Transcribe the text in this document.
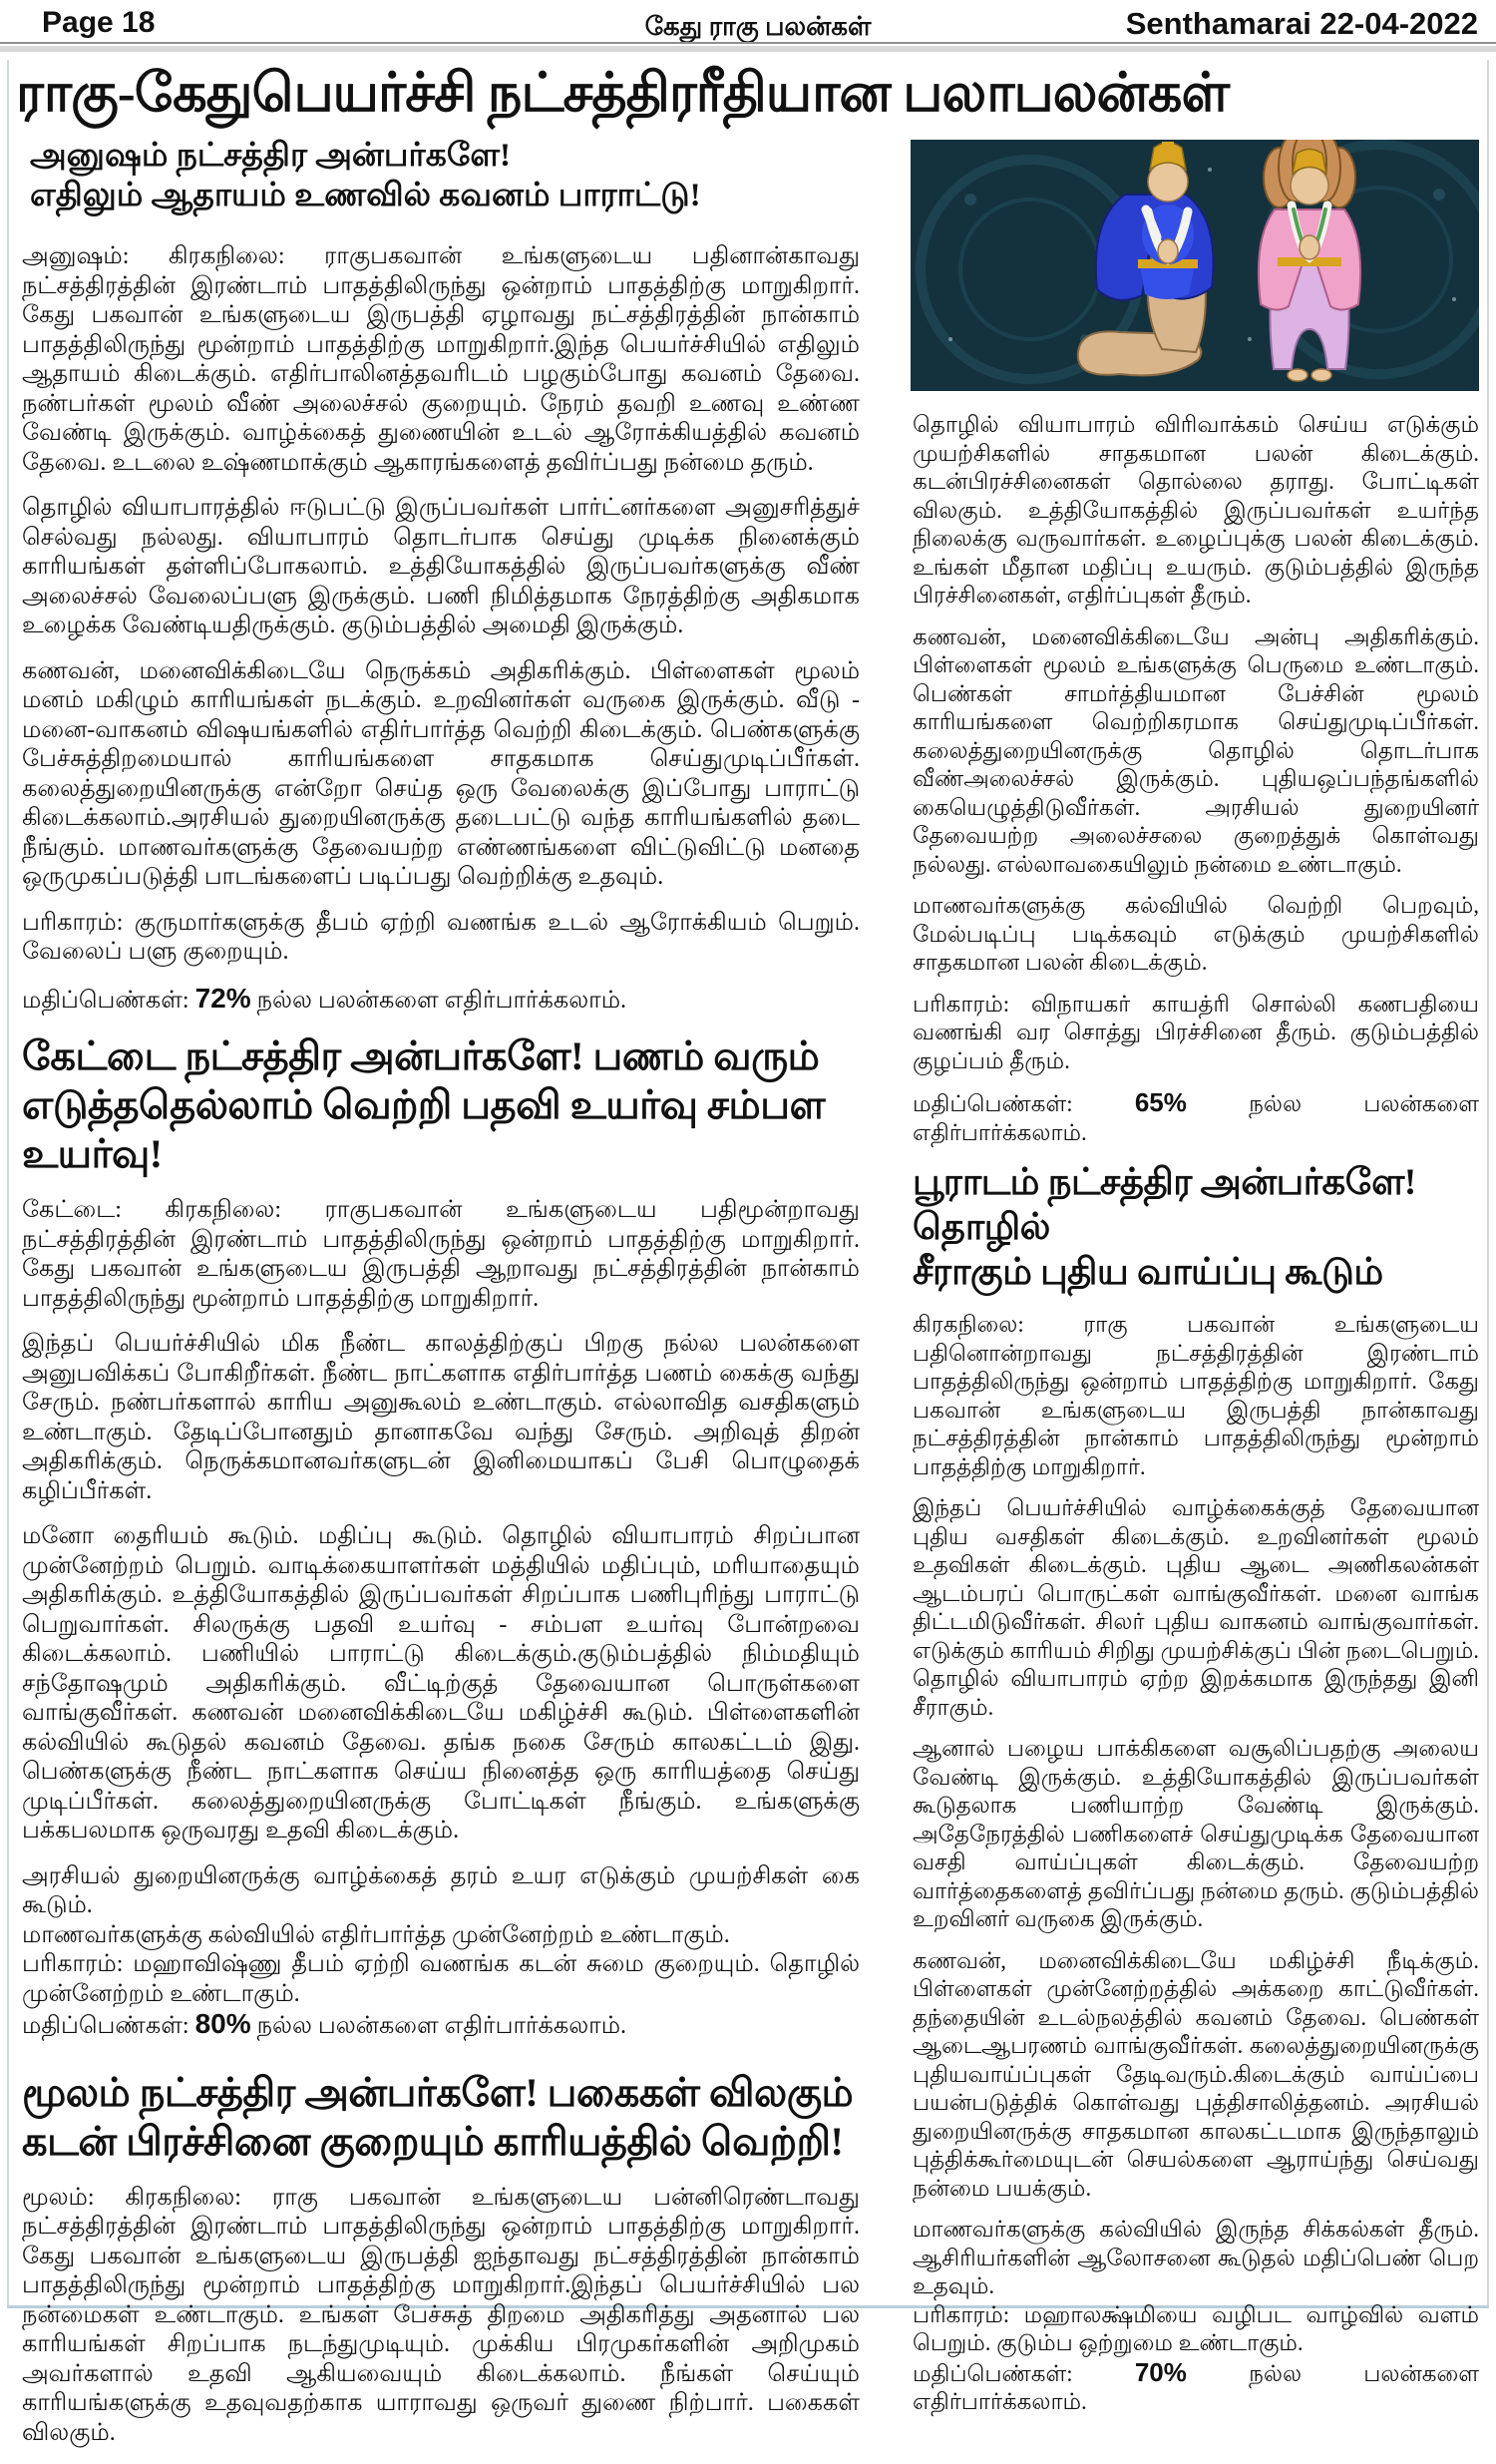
Page 18	கேது ராகு பலன்கள்	Senthamarai 22-04-2022
ராகு-கேதுபெயர்ச்சி நட்சத்திரரீதியான பலாபலன்கள்
அனுஷம் நட்சத்திர அன்பர்களே!
எதிலும் ஆதாயம் உணவில் கவனம் பாராட்டு!

அனுஷம்: கிரகநிலை: ராகுபகவான் உங்களுடைய பதினான்காவது நட்சத்திரத்தின் இரண்டாம் பாதத்திலிருந்து ஒன்றாம் பாதத்திற்கு மாறுகிறார். கேது பகவான் உங்களுடைய இருபத்தி ஏழாவது நட்சத்திரத்தின் நான்காம் பாதத்திலிருந்து மூன்றாம் பாதத்திற்கு மாறுகிறார்.இந்த பெயர்ச்சியில் எதிலும் ஆதாயம் கிடைக்கும். எதிர்பாலினத்தவரிடம் பழகும்போது கவனம் தேவை. நண்பர்கள் மூலம் வீண் அலைச்சல் குறையும். நேரம் தவறி உணவு உண்ண வேண்டி இருக்கும். வாழ்க்கைத் துணையின் உடல் ஆரோக்கியத்தில் கவனம் தேவை. உடலை உஷ்ணமாக்கும் ஆகாரங்களைத் தவிர்ப்பது நன்மை தரும்.

தொழில் வியாபாரத்தில் ஈடுபட்டு இருப்பவர்கள் பார்ட்னர்களை அனுசரித்துச் செல்வது நல்லது. வியாபாரம் தொடர்பாக செய்து முடிக்க நினைக்கும் காரியங்கள் தள்ளிப்போகலாம். உத்தியோகத்தில் இருப்பவர்களுக்கு வீண் அலைச்சல் வேலைப்பளு இருக்கும். பணி நிமித்தமாக நேரத்திற்கு அதிகமாக உழைக்க வேண்டியதிருக்கும். குடும்பத்தில் அமைதி இருக்கும்.

கணவன், மனைவிக்கிடையே நெருக்கம் அதிகரிக்கும். பிள்ளைகள் மூலம் மனம் மகிழும் காரியங்கள் நடக்கும். உறவினர்கள் வருகை இருக்கும். வீடு - மனை-வாகனம் விஷயங்களில் எதிர்பார்த்த வெற்றி கிடைக்கும். பெண்களுக்கு பேச்சுத்திறமையால் காரியங்களை சாதகமாக செய்துமுடிப்பீர்கள். கலைத்துறையினருக்கு என்றோ செய்த ஒரு வேலைக்கு இப்போது பாராட்டு கிடைக்கலாம்.அரசியல் துறையினருக்கு தடைபட்டு வந்த காரியங்களில் தடை நீங்கும். மாணவர்களுக்கு தேவையற்ற எண்ணங்களை விட்டுவிட்டு மனதை ஒருமுகப்படுத்தி பாடங்களைப் படிப்பது வெற்றிக்கு உதவும்.

பரிகாரம்: குருமார்களுக்கு தீபம் ஏற்றி வணங்க உடல் ஆரோக்கியம் பெறும். வேலைப் பளு குறையும்.

மதிப்பெண்கள்: 72% நல்ல பலன்களை எதிர்பார்க்கலாம்.

கேட்டை நட்சத்திர அன்பர்களே! பணம் வரும்
எடுத்ததெல்லாம் வெற்றி பதவி உயர்வு சம்பள உயர்வு!

கேட்டை: கிரகநிலை: ராகுபகவான் உங்களுடைய பதிமூன்றாவது நட்சத்திரத்தின் இரண்டாம் பாதத்திலிருந்து ஒன்றாம் பாதத்திற்கு மாறுகிறார். கேது பகவான் உங்களுடைய இருபத்தி ஆறாவது நட்சத்திரத்தின் நான்காம் பாதத்திலிருந்து மூன்றாம் பாதத்திற்கு மாறுகிறார்.

இந்தப் பெயர்ச்சியில் மிக நீண்ட காலத்திற்குப் பிறகு நல்ல பலன்களை அனுபவிக்கப் போகிறீர்கள். நீண்ட நாட்களாக எதிர்பார்த்த பணம் கைக்கு வந்து சேரும். நண்பர்களால் காரிய அனுகூலம் உண்டாகும். எல்லாவித வசதிகளும் உண்டாகும். தேடிப்போனதும் தானாகவே வந்து சேரும். அறிவுத் திறன் அதிகரிக்கும். நெருக்கமானவர்களுடன் இனிமையாகப் பேசி பொழுதைக் கழிப்பீர்கள்.

மனோ தைரியம் கூடும். மதிப்பு கூடும். தொழில் வியாபாரம் சிறப்பான முன்னேற்றம் பெறும். வாடிக்கையாளர்கள் மத்தியில் மதிப்பும், மரியாதையும் அதிகரிக்கும். உத்தியோகத்தில் இருப்பவர்கள் சிறப்பாக பணிபுரிந்து பாராட்டு பெறுவார்கள். சிலருக்கு பதவி உயர்வு - சம்பள உயர்வு போன்றவை கிடைக்கலாம். பணியில் பாராட்டு கிடைக்கும்.குடும்பத்தில் நிம்மதியும் சந்தோஷமும் அதிகரிக்கும். வீட்டிற்குத் தேவையான பொருள்களை வாங்குவீர்கள். கணவன் மனைவிக்கிடையே மகிழ்ச்சி கூடும். பிள்ளைகளின் கல்வியில் கூடுதல் கவனம் தேவை. தங்க நகை சேரும் காலகட்டம் இது. பெண்களுக்கு நீண்ட நாட்களாக செய்ய நினைத்த ஒரு காரியத்தை செய்து முடிப்பீர்கள். கலைத்துறையினருக்கு போட்டிகள் நீங்கும். உங்களுக்கு பக்கபலமாக ஒருவரது உதவி கிடைக்கும்.

அரசியல் துறையினருக்கு வாழ்க்கைத் தரம் உயர எடுக்கும் முயற்சிகள் கை கூடும்.

மாணவர்களுக்கு கல்வியில் எதிர்பார்த்த முன்னேற்றம் உண்டாகும்.

பரிகாரம்: மஹாவிஷ்ணு தீபம் ஏற்றி வணங்க கடன் சுமை குறையும். தொழில் முன்னேற்றம் உண்டாகும்.

மதிப்பெண்கள்: 80% நல்ல பலன்களை எதிர்பார்க்கலாம்.

மூலம் நட்சத்திர அன்பர்களே! பகைகள் விலகும்
கடன் பிரச்சினை குறையும் காரியத்தில் வெற்றி!

மூலம்: கிரகநிலை: ராகு பகவான் உங்களுடைய பன்னிரெண்டாவது நட்சத்திரத்தின் இரண்டாம் பாதத்திலிருந்து ஒன்றாம் பாதத்திற்கு மாறுகிறார். கேது பகவான் உங்களுடைய இருபத்தி ஐந்தாவது நட்சத்திரத்தின் நான்காம் பாதத்திலிருந்து மூன்றாம் பாதத்திற்கு மாறுகிறார்.இந்தப் பெயர்ச்சியில் பல நன்மைகள் உண்டாகும். உங்கள் பேச்சுத் திறமை அதிகரித்து அதனால் பல காரியங்கள் சிறப்பாக நடந்துமுடியும். முக்கிய பிரமுகர்களின் அறிமுகம் அவர்களால் உதவி ஆகியவையும் கிடைக்கலாம். நீங்கள் செய்யும் காரியங்களுக்கு உதவுவதற்காக யாராவது ஒருவர் துணை நிற்பார். பகைகள் விலகும்.

தொழில் வியாபாரம் விரிவாக்கம் செய்ய எடுக்கும் முயற்சிகளில் சாதகமான பலன் கிடைக்கும். கடன்பிரச்சினைகள் தொல்லை தராது. போட்டிகள் விலகும். உத்தியோகத்தில் இருப்பவர்கள் உயர்ந்த நிலைக்கு வருவார்கள். உழைப்புக்கு பலன் கிடைக்கும். உங்கள் மீதான மதிப்பு உயரும். குடும்பத்தில் இருந்த பிரச்சினைகள், எதிர்ப்புகள் தீரும்.

கணவன், மனைவிக்கிடையே அன்பு அதிகரிக்கும். பிள்ளைகள் மூலம் உங்களுக்கு பெருமை உண்டாகும். பெண்கள் சாமர்த்தியமான பேச்சின் மூலம் காரியங்களை வெற்றிகரமாக செய்துமுடிப்பீர்கள். கலைத்துறையினருக்கு தொழில் தொடர்பாக வீண்அலைச்சல் இருக்கும். புதியஒப்பந்தங்களில் கையெழுத்திடுவீர்கள். அரசியல் துறையினர் தேவையற்ற அலைச்சலை குறைத்துக் கொள்வது நல்லது. எல்லாவகையிலும் நன்மை உண்டாகும்.

மாணவர்களுக்கு கல்வியில் வெற்றி பெறவும், மேல்படிப்பு படிக்கவும் எடுக்கும் முயற்சிகளில் சாதகமான பலன் கிடைக்கும்.

பரிகாரம்: விநாயகர் காயத்ரி சொல்லி கணபதியை வணங்கி வர சொத்து பிரச்சினை தீரும். குடும்பத்தில் குழப்பம் தீரும்.

மதிப்பெண்கள்: 65%	நல்ல பலன்களை எதிர்பார்க்கலாம்.

பூராடம் நட்சத்திர அன்பர்களே! தொழில்
சீராகும் புதிய வாய்ப்பு கூடும்

கிரகநிலை: ராகு பகவான் உங்களுடைய பதினொன்றாவது நட்சத்திரத்தின் இரண்டாம் பாதத்திலிருந்து ஒன்றாம் பாதத்திற்கு மாறுகிறார். கேது பகவான் உங்களுடைய இருபத்தி நான்காவது நட்சத்திரத்தின் நான்காம் பாதத்திலிருந்து மூன்றாம் பாதத்திற்கு மாறுகிறார்.

இந்தப் பெயர்ச்சியில் வாழ்க்கைக்குத் தேவையான புதிய வசதிகள் கிடைக்கும். உறவினர்கள் மூலம் உதவிகள் கிடைக்கும். புதிய ஆடை அணிகலன்கள் ஆடம்பரப் பொருட்கள் வாங்குவீர்கள். மனை வாங்க திட்டமிடுவீர்கள். சிலர் புதிய வாகனம் வாங்குவார்கள். எடுக்கும் காரியம் சிறிது முயற்சிக்குப் பின் நடைபெறும். தொழில் வியாபாரம் ஏற்ற இறக்கமாக இருந்தது இனி சீராகும்.

ஆனால் பழைய பாக்கிகளை வசூலிப்பதற்கு அலைய வேண்டி இருக்கும். உத்தியோகத்தில் இருப்பவர்கள் கூடுதலாக பணியாற்ற வேண்டி இருக்கும். அதேநேரத்தில் பணிகளைச் செய்துமுடிக்க தேவையான வசதி வாய்ப்புகள் கிடைக்கும். தேவையற்ற வார்த்தைகளைத் தவிர்ப்பது நன்மை தரும். குடும்பத்தில் உறவினர் வருகை இருக்கும்.

கணவன், மனைவிக்கிடையே மகிழ்ச்சி நீடிக்கும். பிள்ளைகள் முன்னேற்றத்தில் அக்கறை காட்டுவீர்கள். தந்தையின் உடல்நலத்தில் கவனம் தேவை. பெண்கள் ஆடைஆபரணம் வாங்குவீர்கள். கலைத்துறையினருக்கு புதியவாய்ப்புகள் தேடிவரும்.கிடைக்கும் வாய்ப்பை பயன்படுத்திக் கொள்வது புத்திசாலித்தனம். அரசியல் துறையினருக்கு சாதகமான காலகட்டமாக இருந்தாலும் புத்திக்கூர்மையுடன் செயல்களை ஆராய்ந்து செய்வது நன்மை பயக்கும்.

மாணவர்களுக்கு கல்வியில் இருந்த சிக்கல்கள் தீரும். ஆசிரியர்களின் ஆலோசனை கூடுதல் மதிப்பெண் பெற உதவும்.

பரிகாரம்: மஹாலக்ஷ்மியை வழிபட வாழ்வில் வளம் பெறும். குடும்ப ஒற்றுமை உண்டாகும்.

மதிப்பெண்கள்: 70%	நல்ல பலன்களை எதிர்பார்க்கலாம்.
